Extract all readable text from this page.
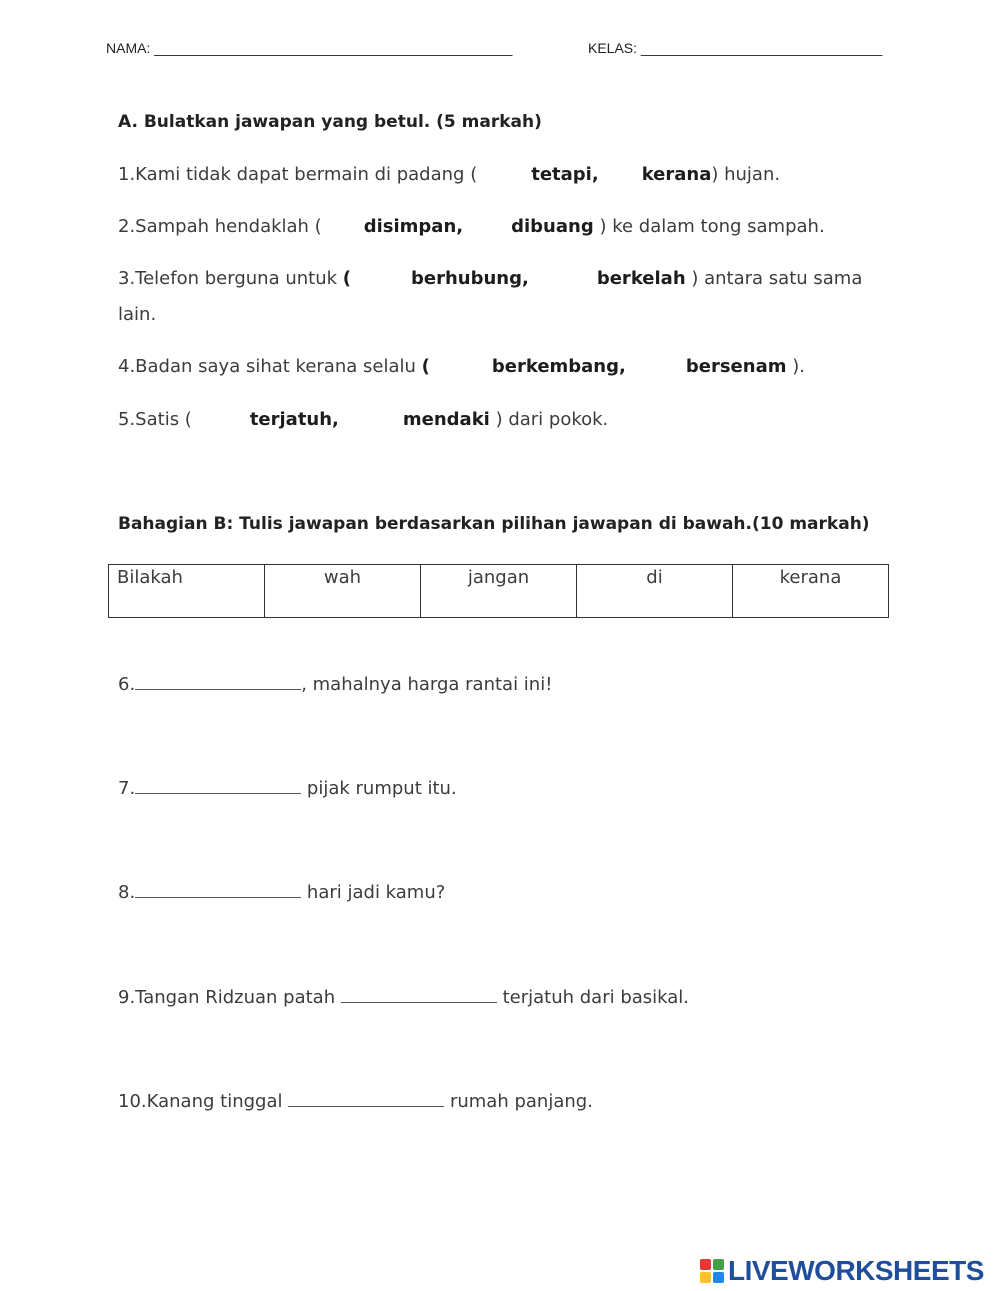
NAMA: ______________________________________________	KELAS: _______________________________
A. Bulatkan jawapan yang betul. (5 markah)
1.Kami tidak dapat bermain di padang (	tetapi, kerana) hujan.
2.Sampah hendaklah ( disimpan,	dibuang ) ke dalam tong sampah.
3.Telefon berguna untuk (	berhubung,	berkelah ) antara satu sama
lain.
4.Badan saya sihat kerana selalu (	berkembang,	bersenam ).
5.Satis (	terjatuh,	mendaki ) dari pokok.
Bahagian B: Tulis jawapan berdasarkan pilihan jawapan di bawah.(10 markah)
Bilakah	wah	jangan	di	kerana
6.	, mahalnya harga rantai ini!
7.	pijak rumput itu.
8.	hari jadi kamu?
9.Tangan Ridzuan patah	terjatuh dari basikal.
10.Kanang tinggal	rumah panjang.
LIVEWORKSHEETS
